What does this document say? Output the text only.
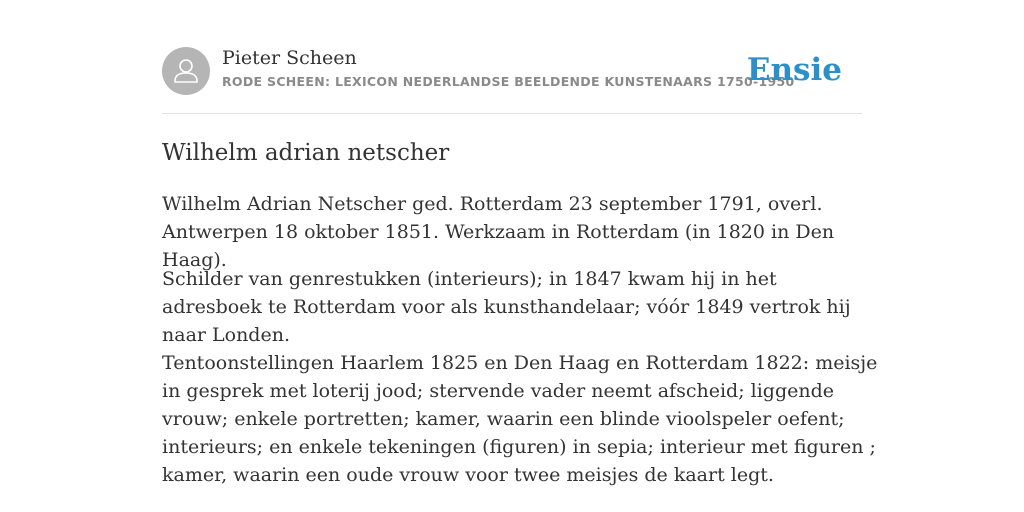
Pieter Scheen
RODE SCHEEN: LEXICON NEDERLANDSE BEELDENDE KUNSTENAARS 1750-1950
Ensie
Wilhelm adrian netscher

Wilhelm Adrian Netscher ged. Rotterdam 23 september 1791, overl. Antwerpen 18 oktober 1851. Werkzaam in Rotterdam (in 1820 in Den Haag).

Schilder van genrestukken (interieurs); in 1847 kwam hij in het adresboek te Rotterdam voor als kunsthandelaar; vóór 1849 vertrok hij naar Londen.

Tentoonstellingen Haarlem 1825 en Den Haag en Rotterdam 1822: meisje in gesprek met loterij jood; stervende vader neemt afscheid; liggende vrouw; enkele portretten; kamer, waarin een blinde vioolspeler oefent; interieurs; en enkele tekeningen (figuren) in sepia; interieur met figuren ; kamer, waarin een oude vrouw voor twee meisjes de kaart legt.
